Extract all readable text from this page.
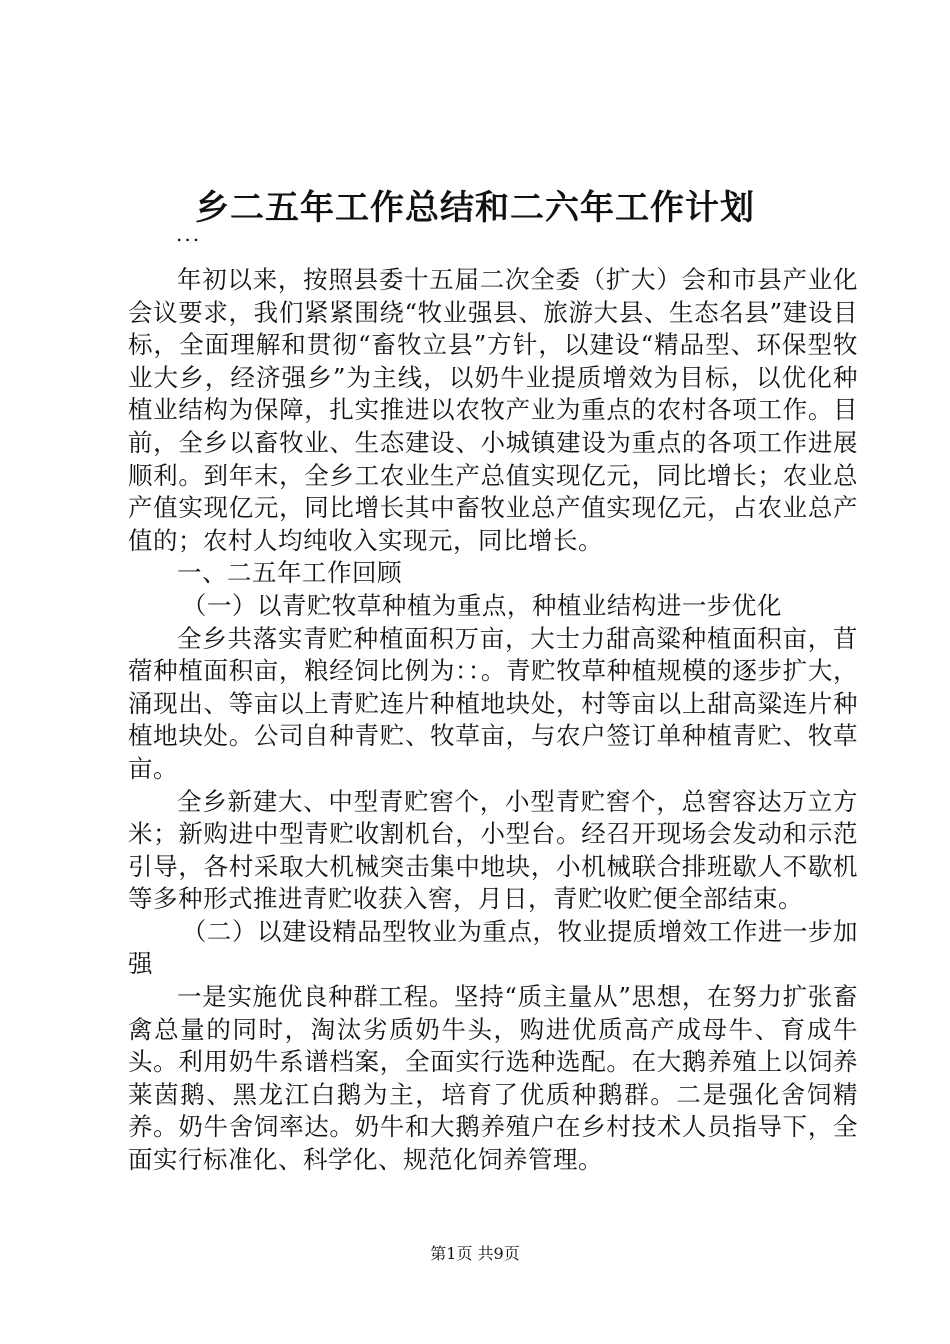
乡二五年工作总结和二六年工作计划
...

年初以来，按照县委十五届二次全委（扩大）会和市县产业化会议要求，我们紧紧围绕“牧业强县、旅游大县、生态名县”建设目标，全面理解和贯彻“畜牧立县”方针，以建设“精品型、环保型牧业大乡，经济强乡”为主线，以奶牛业提质增效为目标，以优化种植业结构为保障，扎实推进以农牧产业为重点的农村各项工作。目前，全乡以畜牧业、生态建设、小城镇建设为重点的各项工作进展顺利。到年末，全乡工农业生产总值实现亿元，同比增长；农业总产值实现亿元，同比增长其中畜牧业总产值实现亿元，占农业总产值的；农村人均纯收入实现元，同比增长。

一、二五年工作回顾

（一）以青贮牧草种植为重点，种植业结构进一步优化

全乡共落实青贮种植面积万亩，大士力甜高粱种植面积亩，苜蓿种植面积亩，粮经饲比例为：：。青贮牧草种植规模的逐步扩大，涌现出、等亩以上青贮连片种植地块处，村等亩以上甜高粱连片种植地块处。公司自种青贮、牧草亩，与农户签订单种植青贮、牧草亩。

全乡新建大、中型青贮窖个，小型青贮窖个，总窖容达万立方米；新购进中型青贮收割机台，小型台。经召开现场会发动和示范引导，各村采取大机械突击集中地块，小机械联合排班歇人不歇机等多种形式推进青贮收获入窖，月日，青贮收贮便全部结束。

（二）以建设精品型牧业为重点，牧业提质增效工作进一步加强

一是实施优良种群工程。坚持“质主量从”思想，在努力扩张畜禽总量的同时，淘汰劣质奶牛头，购进优质高产成母牛、育成牛头。利用奶牛系谱档案，全面实行选种选配。在大鹅养殖上以饲养莱茵鹅、黑龙江白鹅为主，培育了优质种鹅群。二是强化舍饲精养。奶牛舍饲率达。奶牛和大鹅养殖户在乡村技术人员指导下，全面实行标准化、科学化、规范化饲养管理。

第1页 共9页
